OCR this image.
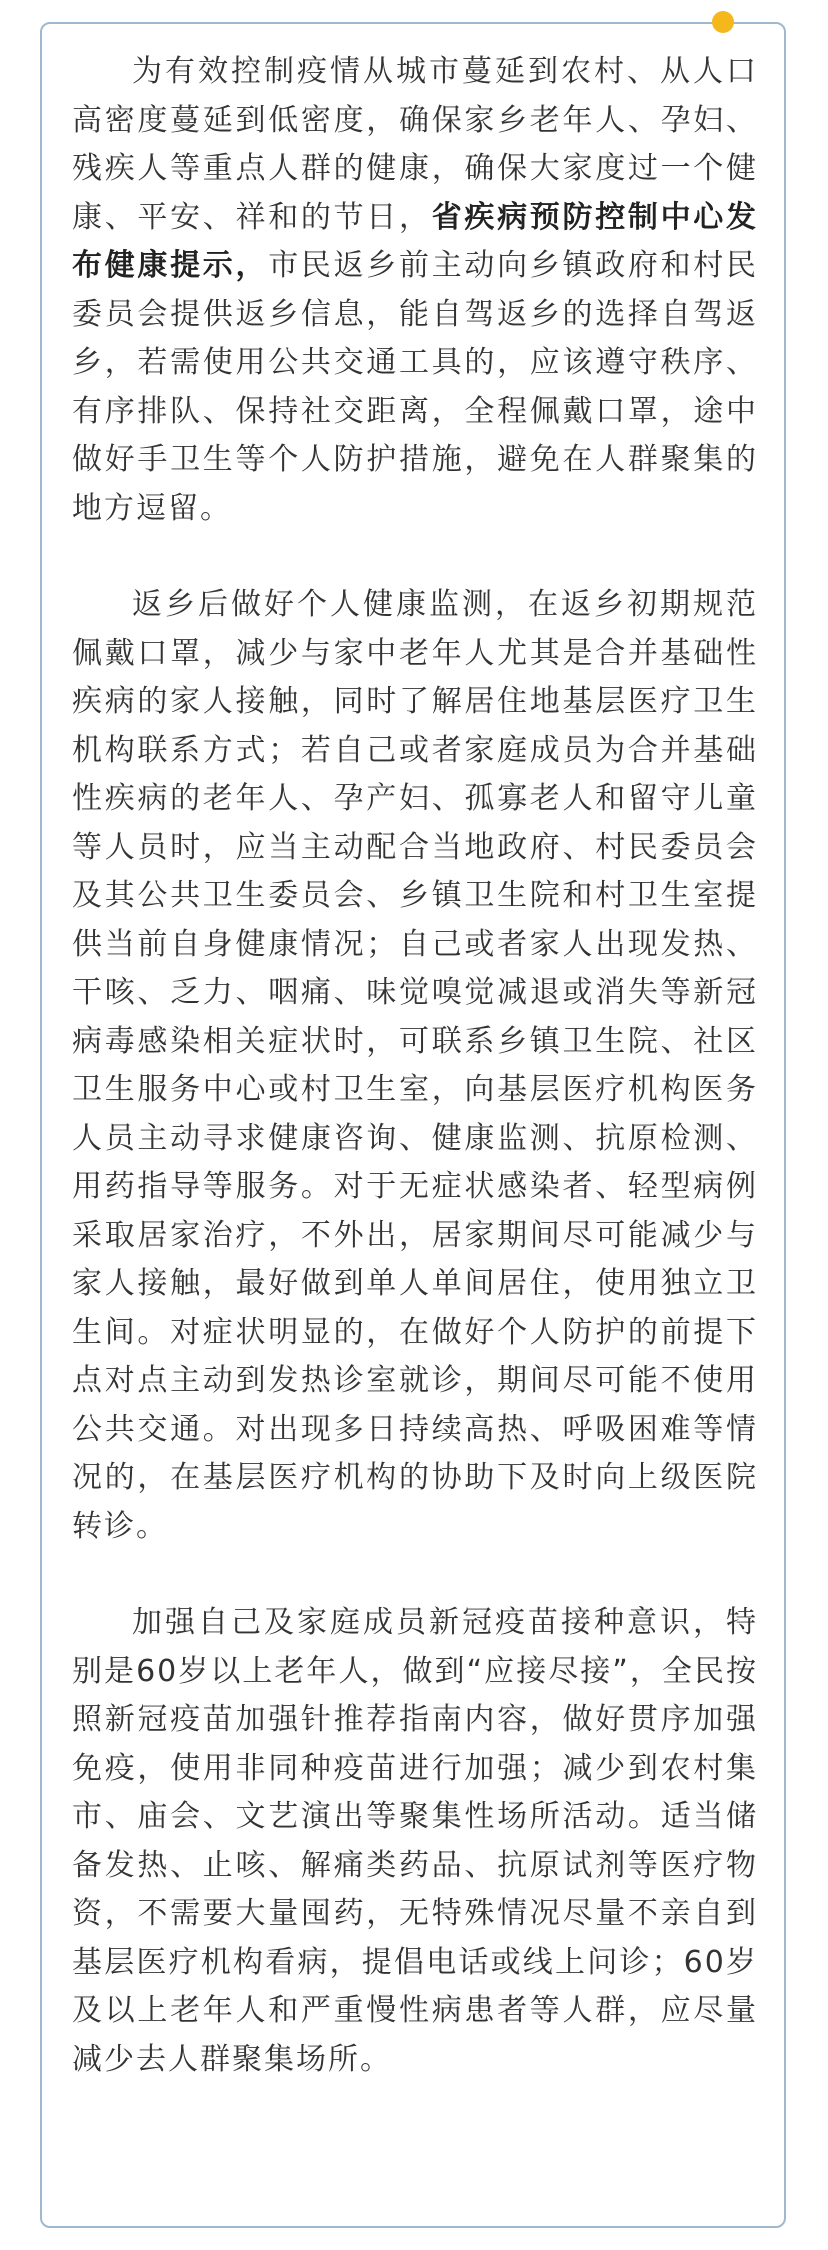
为有效控制疫情从城市蔓延到农村、从人口高密度蔓延到低密度，确保家乡老年人、孕妇、残疾人等重点人群的健康，确保大家度过一个健康、平安、祥和的节日，省疾病预防控制中心发布健康提示，市民返乡前主动向乡镇政府和村民委员会提供返乡信息，能自驾返乡的选择自驾返乡，若需使用公共交通工具的，应该遵守秩序、有序排队、保持社交距离，全程佩戴口罩，途中做好手卫生等个人防护措施，避免在人群聚集的地方逗留。

返乡后做好个人健康监测，在返乡初期规范佩戴口罩，减少与家中老年人尤其是合并基础性疾病的家人接触，同时了解居住地基层医疗卫生机构联系方式；若自己或者家庭成员为合并基础性疾病的老年人、孕产妇、孤寡老人和留守儿童等人员时，应当主动配合当地政府、村民委员会及其公共卫生委员会、乡镇卫生院和村卫生室提供当前自身健康情况；自己或者家人出现发热、干咳、乏力、咽痛、味觉嗅觉减退或消失等新冠病毒感染相关症状时，可联系乡镇卫生院、社区卫生服务中心或村卫生室，向基层医疗机构医务人员主动寻求健康咨询、健康监测、抗原检测、用药指导等服务。对于无症状感染者、轻型病例采取居家治疗，不外出，居家期间尽可能减少与家人接触，最好做到单人单间居住，使用独立卫生间。对症状明显的，在做好个人防护的前提下点对点主动到发热诊室就诊，期间尽可能不使用公共交通。对出现多日持续高热、呼吸困难等情况的，在基层医疗机构的协助下及时向上级医院转诊。

加强自己及家庭成员新冠疫苗接种意识，特别是60岁以上老年人，做到“应接尽接”，全民按照新冠疫苗加强针推荐指南内容，做好贯序加强免疫，使用非同种疫苗进行加强；减少到农村集市、庙会、文艺演出等聚集性场所活动。适当储备发热、止咳、解痛类药品、抗原试剂等医疗物资，不需要大量囤药，无特殊情况尽量不亲自到基层医疗机构看病，提倡电话或线上问诊；60岁及以上老年人和严重慢性病患者等人群，应尽量减少去人群聚集场所。
